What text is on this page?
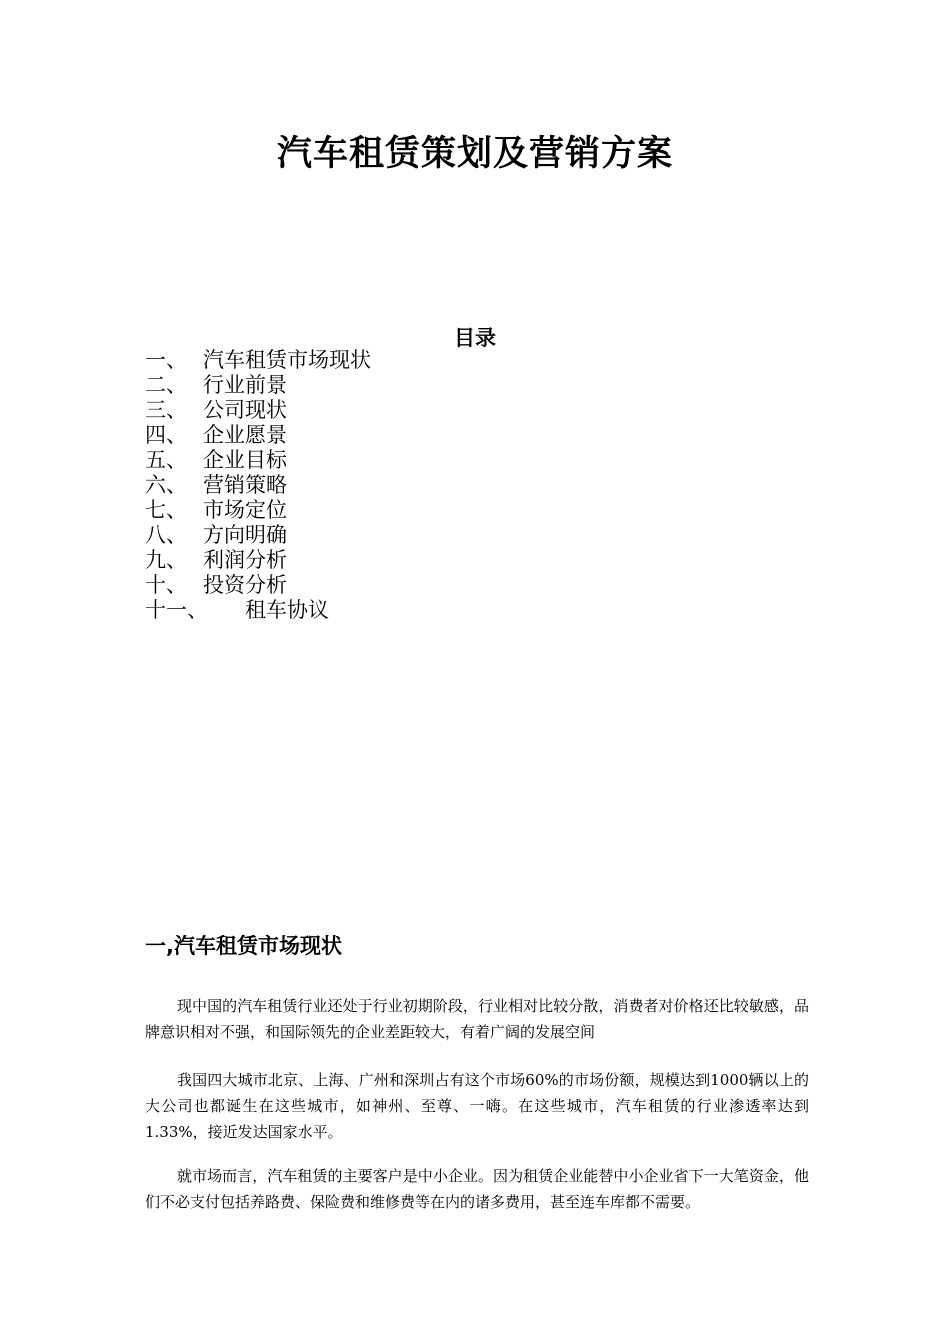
汽车租赁策划及营销方案
目录
一、 汽车租赁市场现状
二、 行业前景
三、 公司现状
四、 企业愿景
五、 企业目标
六、 营销策略
七、 市场定位
八、 方向明确
九、 利润分析
十、 投资分析
十一、	租车协议
一,汽车租赁市场现状

现中国的汽车租赁行业还处于行业初期阶段，行业相对比较分散，消费者对价格还比较敏感，品牌意识相对不强，和国际领先的企业差距较大，有着广阔的发展空间

我国四大城市北京、上海、广州和深圳占有这个市场60%的市场份额，规模达到1000辆以上的大公司也都诞生在这些城市，如神州、至尊、一嗨。在这些城市，汽车租赁的行业渗透率达到1.33%，接近发达国家水平。

就市场而言，汽车租赁的主要客户是中小企业。因为租赁企业能替中小企业省下一大笔资金，他们不必支付包括养路费、保险费和维修费等在内的诸多费用，甚至连车库都不需要。
